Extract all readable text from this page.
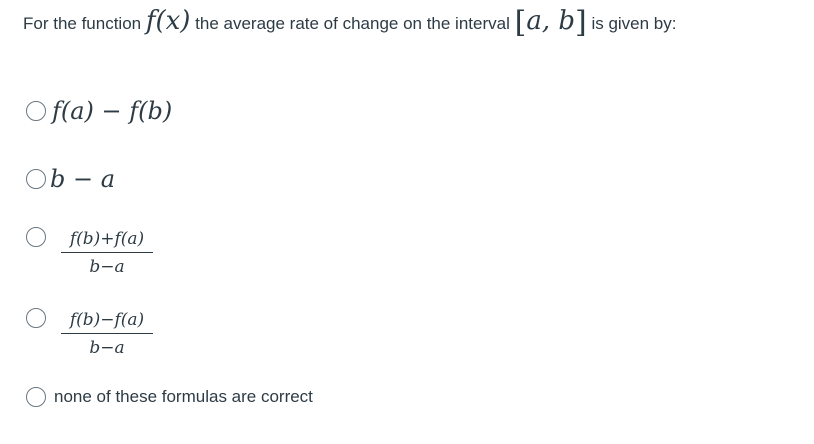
For the function f(x) the average rate of change on the interval [a, b] is given by:
f(a) − f(b)
b − a
$\frac{f(b)+f(a)}{b-a}$
$\frac{f(b)-f(a)}{b-a}$
none of these formulas are correct
